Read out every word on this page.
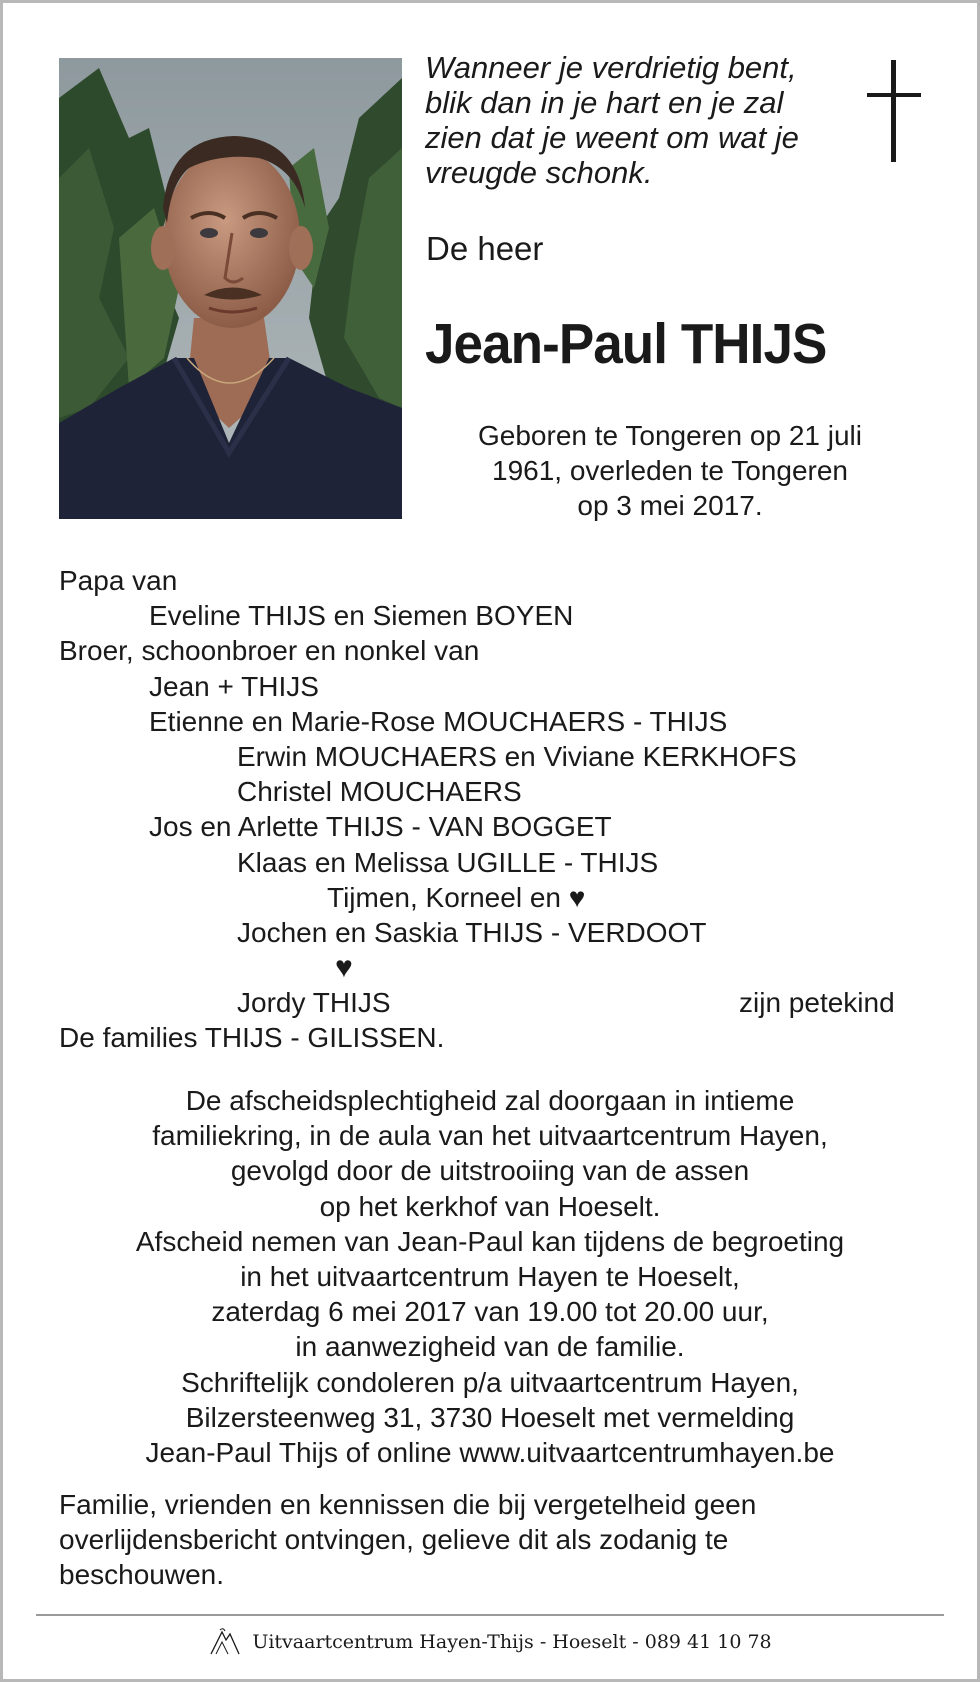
Wanneer je verdrietig bent,
blik dan in je hart en je zal
zien dat je weent om wat je
vreugde schonk.
De heer
Jean-Paul THIJS
Geboren te Tongeren op 21 juli
1961, overleden te Tongeren
op 3 mei 2017.
Papa van
Eveline THIJS en Siemen BOYEN
Broer, schoonbroer en nonkel van
Jean + THIJS
Etienne en Marie-Rose MOUCHAERS - THIJS
Erwin MOUCHAERS en Viviane KERKHOFS
Christel MOUCHAERS
Jos en Arlette THIJS - VAN BOGGET
Klaas en Melissa UGILLE - THIJS
Tijmen, Korneel en ♥
Jochen en Saskia THIJS - VERDOOT
♥
Jordy THIJS	zijn petekind
De families THIJS - GILISSEN.
De afscheidsplechtigheid zal doorgaan in intieme
familiekring, in de aula van het uitvaartcentrum Hayen,
gevolgd door de uitstrooiing van de assen
op het kerkhof van Hoeselt.
Afscheid nemen van Jean-Paul kan tijdens de begroeting
in het uitvaartcentrum Hayen te Hoeselt,
zaterdag 6 mei 2017 van 19.00 tot 20.00 uur,
in aanwezigheid van de familie.
Schriftelijk condoleren p/a uitvaartcentrum Hayen,
Bilzersteenweg 31, 3730 Hoeselt met vermelding
Jean-Paul Thijs of online www.uitvaartcentrumhayen.be
Familie, vrienden en kennissen die bij vergetelheid geen
overlijdensbericht ontvingen, gelieve dit als zodanig te
beschouwen.
Uitvaartcentrum Hayen-Thijs - Hoeselt - 089 41 10 78
